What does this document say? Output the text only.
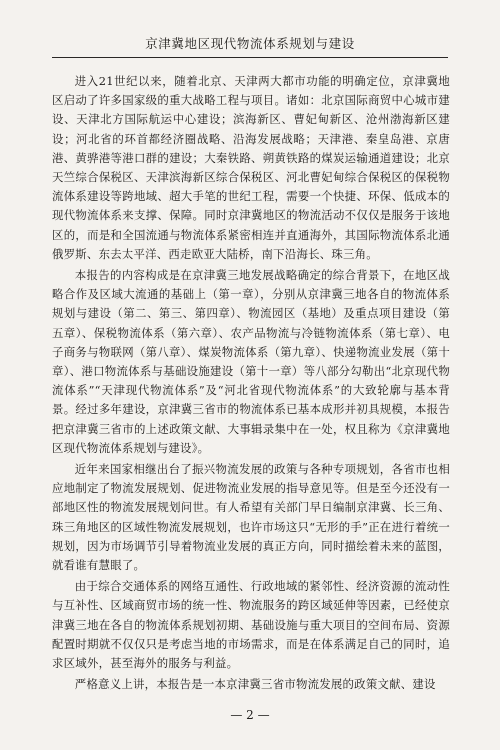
京津冀地区现代物流体系规划与建设

进入21世纪以来，随着北京、天津两大都市功能的明确定位，京津冀地区启动了许多国家级的重大战略工程与项目。诸如：北京国际商贸中心城市建设、天津北方国际航运中心建设；滨海新区、曹妃甸新区、沧州渤海新区建设；河北省的环首都经济圈战略、沿海发展战略；天津港、秦皇岛港、京唐港、黄骅港等港口群的建设；大秦铁路、朔黄铁路的煤炭运输通道建设；北京天竺综合保税区、天津滨海新区综合保税区、河北曹妃甸综合保税区的保税物流体系建设等跨地域、超大手笔的世纪工程，需要一个快捷、环保、低成本的现代物流体系来支撑、保障。同时京津冀地区的物流活动不仅仅是服务于该地区的，而是和全国流通与物流体系紧密相连并直通海外，其国际物流体系北通俄罗斯、东去太平洋、西走欧亚大陆桥，南下沿海长、珠三角。

本报告的内容构成是在京津冀三地发展战略确定的综合背景下，在地区战略合作及区域大流通的基础上（第一章），分别从京津冀三地各自的物流体系规划与建设（第二、第三、第四章）、物流园区（基地）及重点项目建设（第五章）、保税物流体系（第六章）、农产品物流与冷链物流体系（第七章）、电子商务与物联网（第八章）、煤炭物流体系（第九章）、快递物流业发展（第十章）、港口物流体系与基础设施建设（第十一章）等八部分勾勒出“北京现代物流体系”“天津现代物流体系”及“河北省现代物流体系”的大致轮廓与基本背景。经过多年建设，京津冀三省市的物流体系已基本成形并初具规模，本报告把京津冀三省市的上述政策文献、大事辑录集中在一处，权且称为《京津冀地区现代物流体系规划与建设》。

近年来国家相继出台了振兴物流发展的政策与各种专项规划，各省市也相应地制定了物流发展规划、促进物流业发展的指导意见等。但是至今还没有一部地区性的物流发展规划问世。有人希望有关部门早日编制京津冀、长三角、珠三角地区的区域性物流发展规划，也许市场这只“无形的手”正在进行着统一规划，因为市场调节引导着物流业发展的真正方向，同时描绘着未来的蓝图，就看谁有慧眼了。

由于综合交通体系的网络互通性、行政地域的紧邻性、经济资源的流动性与互补性、区域商贸市场的统一性、物流服务的跨区域延伸等因素，已经使京津冀三地在各自的物流体系规划初期、基础设施与重大项目的空间布局、资源配置时期就不仅仅只是考虑当地的市场需求，而是在体系满足自己的同时，追求区域外，甚至海外的服务与利益。

严格意义上讲，本报告是一本京津冀三省市物流发展的政策文献、建设

— 2 —
